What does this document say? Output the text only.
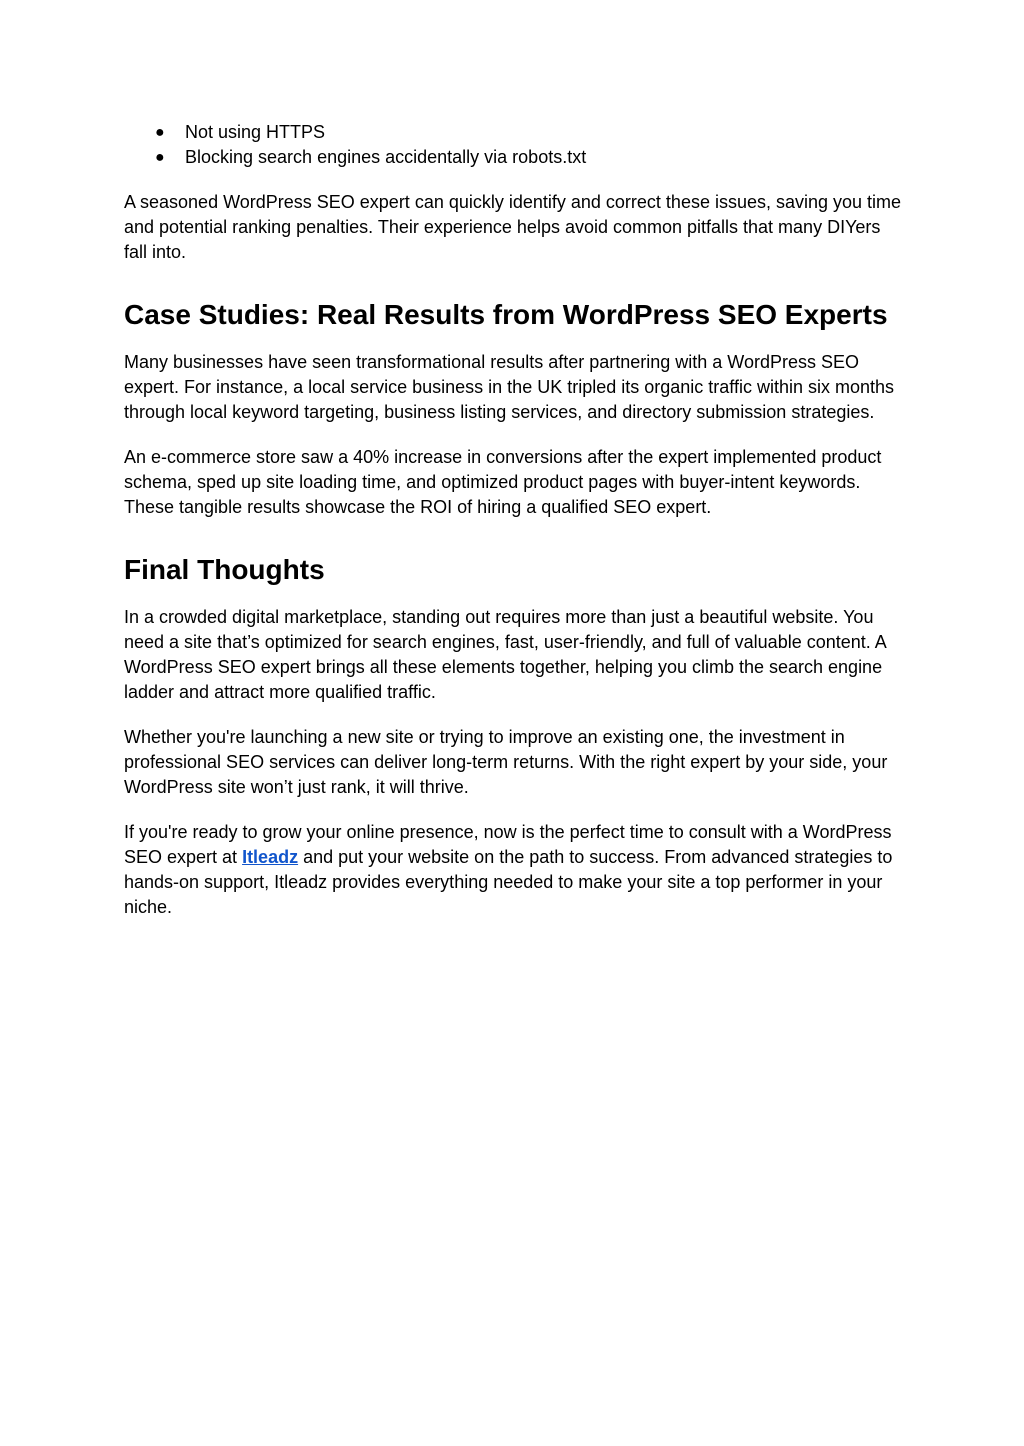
● Not using HTTPS
● Blocking search engines accidentally via robots.txt

A seasoned WordPress SEO expert can quickly identify and correct these issues, saving you time and potential ranking penalties. Their experience helps avoid common pitfalls that many DIYers fall into.

Case Studies: Real Results from WordPress SEO Experts

Many businesses have seen transformational results after partnering with a WordPress SEO expert. For instance, a local service business in the UK tripled its organic traffic within six months through local keyword targeting, business listing services, and directory submission strategies.

An e-commerce store saw a 40% increase in conversions after the expert implemented product schema, sped up site loading time, and optimized product pages with buyer-intent keywords. These tangible results showcase the ROI of hiring a qualified SEO expert.

Final Thoughts

In a crowded digital marketplace, standing out requires more than just a beautiful website. You need a site that’s optimized for search engines, fast, user-friendly, and full of valuable content. A WordPress SEO expert brings all these elements together, helping you climb the search engine ladder and attract more qualified traffic.

Whether you're launching a new site or trying to improve an existing one, the investment in professional SEO services can deliver long-term returns. With the right expert by your side, your WordPress site won’t just rank, it will thrive.

If you're ready to grow your online presence, now is the perfect time to consult with a WordPress SEO expert at Itleadz and put your website on the path to success. From advanced strategies to hands-on support, Itleadz provides everything needed to make your site a top performer in your niche.
